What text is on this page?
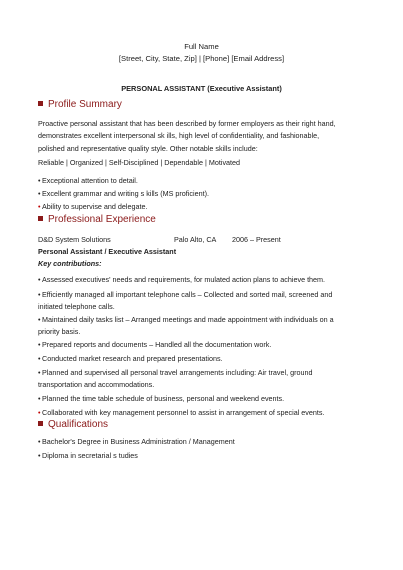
Full Name
[Street, City, State, Zip] | [Phone] [Email Address]
PERSONAL ASSISTANT (Executive Assistant)
Profile Summary
Proactive personal assistant that has been described by former employers as their right hand,
demonstrates excellent interpersonal sk ills, high level of confidentiality, and fashionable,
polished and representative quality style. Other notable skills include:
Reliable | Organized | Self-Disciplined | Dependable | Motivated
•Exceptional attention to detail.
•Excellent grammar and writing s kills (MS proficient).
•Ability to supervise and delegate.
Professional Experience
D&D System Solutions	Palo Alto, CA 2006 – Present
Personal Assistant / Executive Assistant
Key contributions:
•Assessed executives' needs and requirements, for mulated action plans to achieve them.
•Efficiently managed all important telephone calls – Collected and sorted mail, screened and
initiated telephone calls.
•Maintained daily tasks list – Arranged meetings and made appointment with individuals on a
priority basis.
•Prepared reports and documents – Handled all the documentation work.
•Conducted market research and prepared presentations.
•Planned and supervised all personal travel arrangements including: Air travel, ground
transportation and accommodations.
•Planned the time table schedule of business, personal and weekend events.
•Collaborated with key management personnel to assist in arrangement of special events.
Qualifications
•Bachelor's Degree in Business Administration / Management
•Diploma in secretarial s tudies
